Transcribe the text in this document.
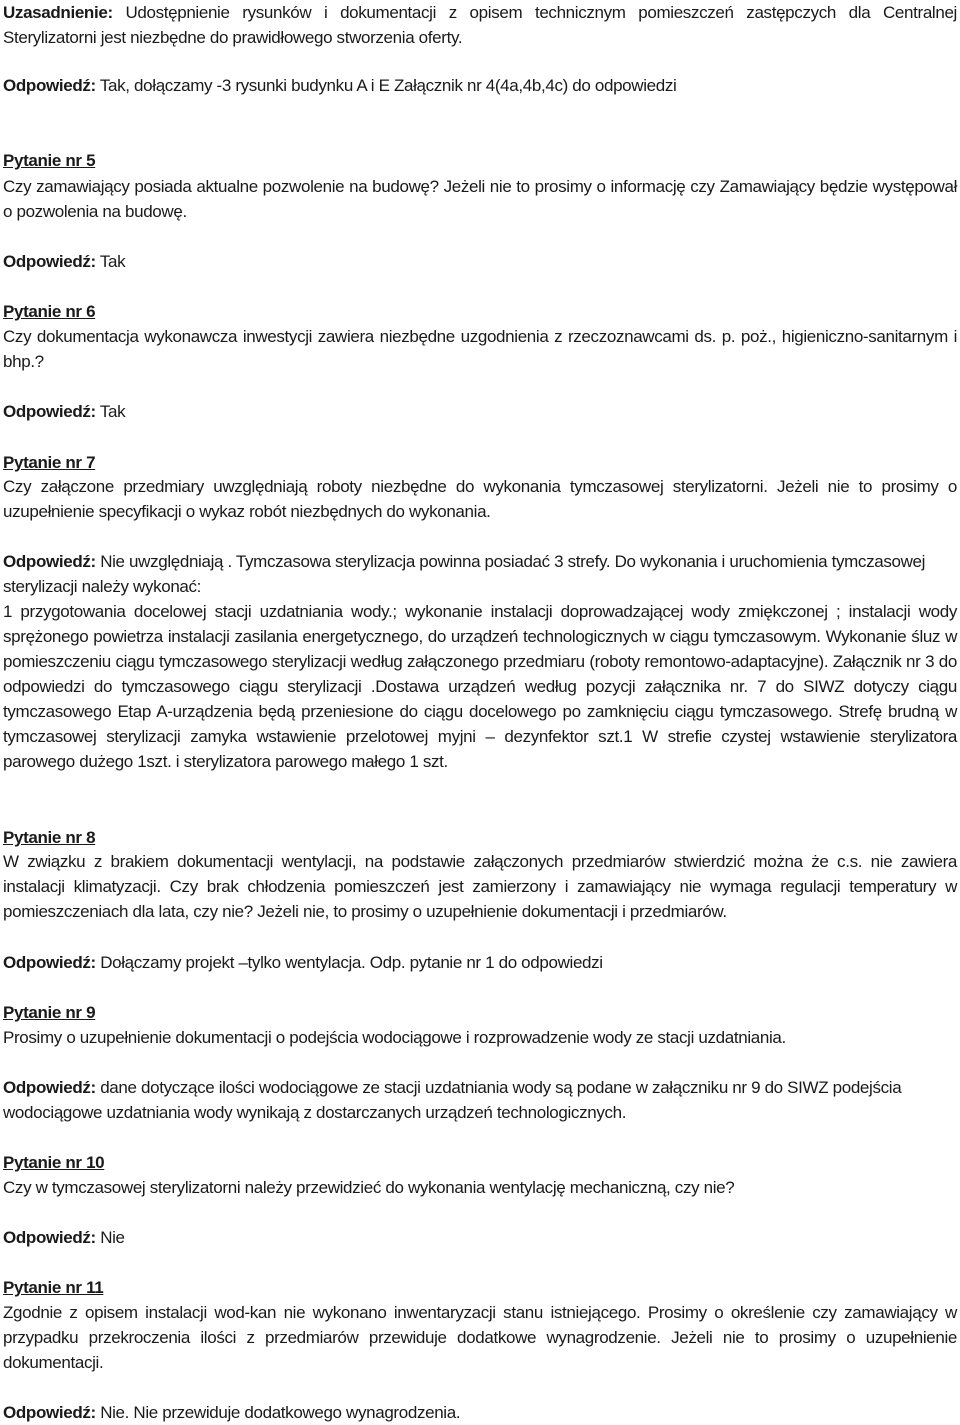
Uzasadnienie: Udostępnienie rysunków i dokumentacji z opisem technicznym pomieszczeń zastępczych dla Centralnej Sterylizatorni jest niezbędne do prawidłowego stworzenia oferty.

Odpowiedź: Tak, dołączamy -3 rysunki budynku A i E Załącznik nr 4(4a,4b,4c) do odpowiedzi

Pytanie nr 5

Czy zamawiający posiada aktualne pozwolenie na budowę? Jeżeli nie to prosimy o informację czy Zamawiający będzie występował o pozwolenia na budowę.

Odpowiedź: Tak

Pytanie nr 6

Czy dokumentacja wykonawcza inwestycji zawiera niezbędne uzgodnienia z rzeczoznawcami ds. p. poż., higieniczno-sanitarnym i bhp.?

Odpowiedź: Tak

Pytanie nr 7

Czy załączone przedmiary uwzględniają roboty niezbędne do wykonania tymczasowej sterylizatorni. Jeżeli nie to prosimy o uzupełnienie specyfikacji o wykaz robót niezbędnych do wykonania.

Odpowiedź: Nie uwzględniają . Tymczasowa sterylizacja powinna posiadać 3 strefy. Do wykonania i uruchomienia tymczasowej sterylizacji należy wykonać:

1 przygotowania docelowej stacji uzdatniania wody.; wykonanie instalacji doprowadzającej wody zmiękczonej ; instalacji wody sprężonego powietrza instalacji zasilania energetycznego, do urządzeń technologicznych w ciągu tymczasowym. Wykonanie śluz w pomieszczeniu ciągu tymczasowego sterylizacji według załączonego przedmiaru (roboty remontowo-adaptacyjne). Załącznik nr 3 do odpowiedzi do tymczasowego ciągu sterylizacji .Dostawa urządzeń według pozycji załącznika nr. 7 do SIWZ dotyczy ciągu tymczasowego Etap A-urządzenia będą przeniesione do ciągu docelowego po zamknięciu ciągu tymczasowego. Strefę brudną w tymczasowej sterylizacji zamyka wstawienie przelotowej myjni – dezynfektor szt.1 W strefie czystej wstawienie sterylizatora parowego dużego 1szt. i sterylizatora parowego małego 1 szt.

Pytanie nr 8

W związku z brakiem dokumentacji wentylacji, na podstawie załączonych przedmiarów stwierdzić można że c.s. nie zawiera instalacji klimatyzacji. Czy brak chłodzenia pomieszczeń jest zamierzony i zamawiający nie wymaga regulacji temperatury w pomieszczeniach dla lata, czy nie? Jeżeli nie, to prosimy o uzupełnienie dokumentacji i przedmiarów.

Odpowiedź: Dołączamy projekt –tylko wentylacja. Odp. pytanie nr 1 do odpowiedzi

Pytanie nr 9

Prosimy o uzupełnienie dokumentacji o podejścia wodociągowe i rozprowadzenie wody ze stacji uzdatniania.

Odpowiedź: dane dotyczące ilości wodociągowe ze stacji uzdatniania wody są podane w załączniku nr 9 do SIWZ podejścia wodociągowe uzdatniania wody wynikają z dostarczanych urządzeń technologicznych.

Pytanie nr 10

Czy w tymczasowej sterylizatorni należy przewidzieć do wykonania wentylację mechaniczną, czy nie?

Odpowiedź: Nie

Pytanie nr 11

Zgodnie z opisem instalacji wod-kan nie wykonano inwentaryzacji stanu istniejącego. Prosimy o określenie czy zamawiający w przypadku przekroczenia ilości z przedmiarów przewiduje dodatkowe wynagrodzenie. Jeżeli nie to prosimy o uzupełnienie dokumentacji.

Odpowiedź: Nie. Nie przewiduje dodatkowego wynagrodzenia.
